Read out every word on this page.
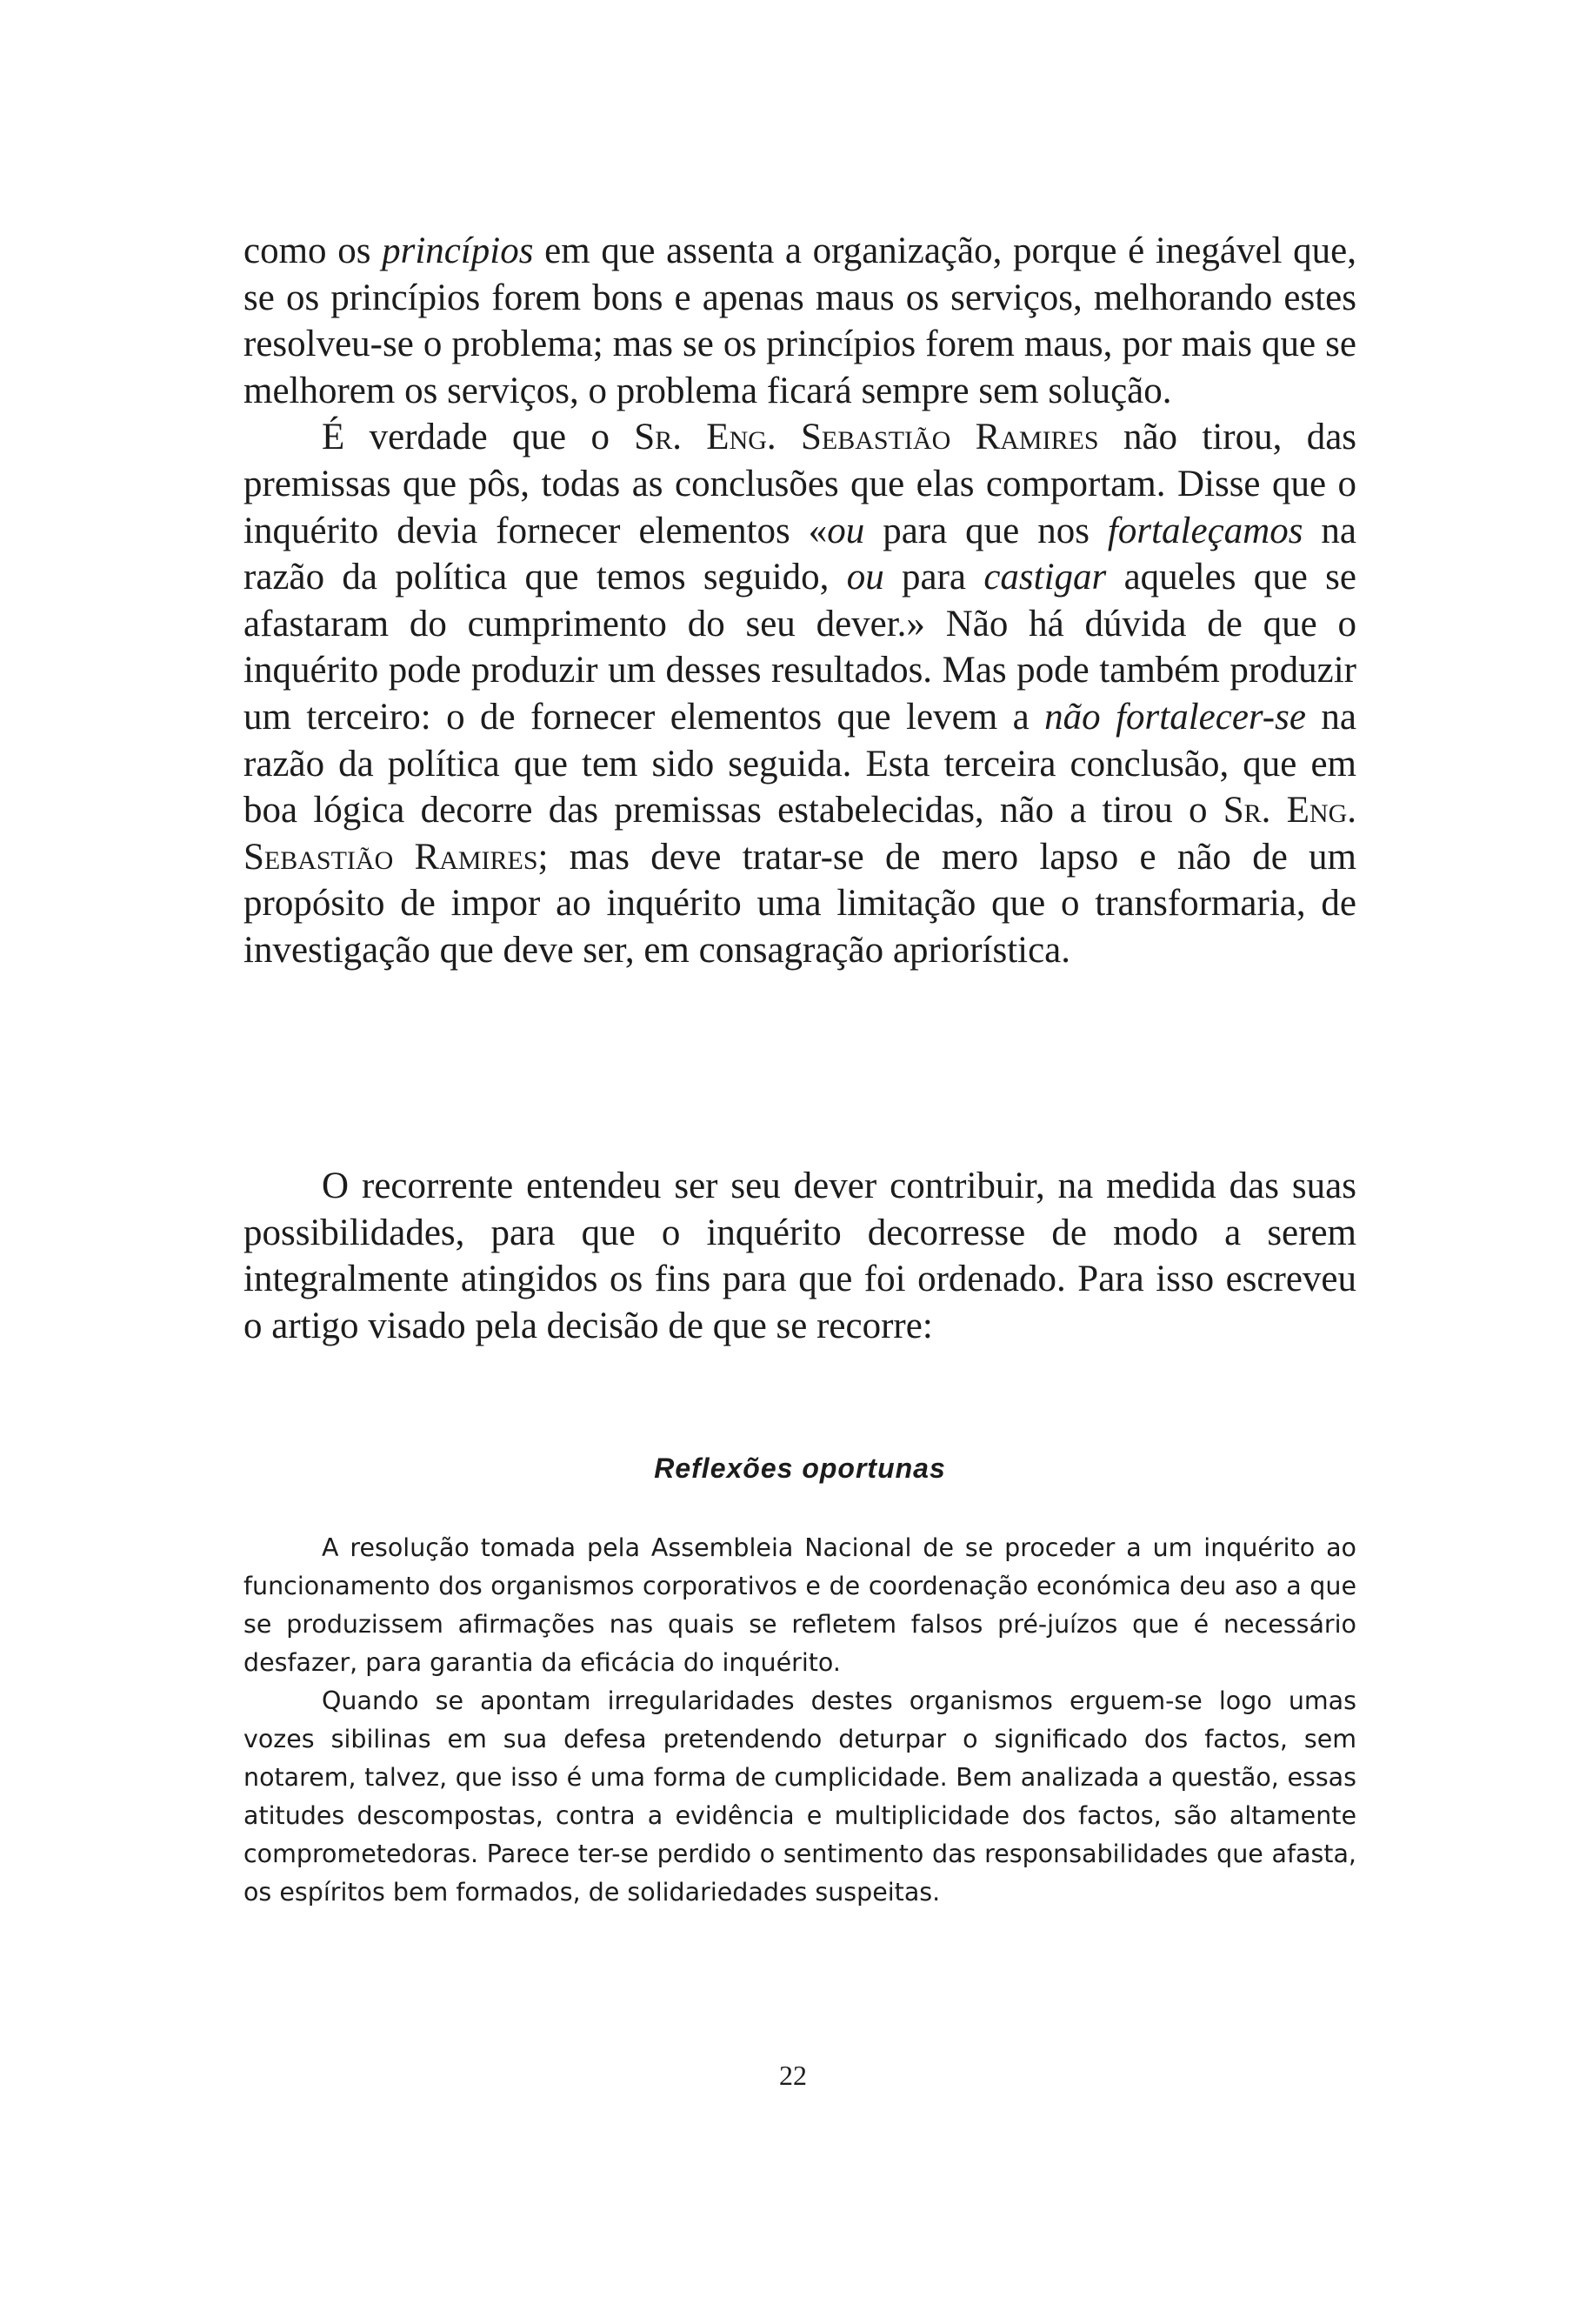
como os princípios em que assenta a organização, porque é inegável que, se os princípios forem bons e apenas maus os serviços, melhorando estes resolveu-se o problema; mas se os princípios forem maus, por mais que se melhorem os serviços, o problema ficará sempre sem solução.

É verdade que o Sr. Eng. Sebastião Ramires não tirou, das premissas que pôs, todas as conclusões que elas comportam. Disse que o inquérito devia fornecer elementos «ou para que nos fortaleçamos na razão da política que temos seguido, ou para castigar aqueles que se afastaram do cumprimento do seu dever.» Não há dúvida de que o inquérito pode produzir um desses resultados. Mas pode também produzir um terceiro: o de fornecer elementos que levem a não fortalecer-se na razão da política que tem sido seguida. Esta terceira conclusão, que em boa lógica decorre das premissas estabelecidas, não a tirou o Sr. Eng. Sebastião Ramires; mas deve tratar-se de mero lapso e não de um propósito de impor ao inquérito uma limitação que o transformaria, de investigação que deve ser, em consagração apriorística.

O recorrente entendeu ser seu dever contribuir, na medida das suas possibilidades, para que o inquérito decorresse de modo a serem integralmente atingidos os fins para que foi ordenado. Para isso escreveu o artigo visado pela decisão de que se recorre:

Reflexões oportunas

A resolução tomada pela Assembleia Nacional de se proceder a um inquérito ao funcionamento dos organismos corporativos e de coordenação económica deu aso a que se produzissem afirmações nas quais se refletem falsos pré-juízos que é necessário desfazer, para garantia da eficácia do inquérito.

Quando se apontam irregularidades destes organismos erguem-se logo umas vozes sibilinas em sua defesa pretendendo deturpar o significado dos factos, sem notarem, talvez, que isso é uma forma de cumplicidade. Bem analizada a questão, essas atitudes descompostas, contra a evidência e multiplicidade dos factos, são altamente comprometedoras. Parece ter-se perdido o sentimento das responsabilidades que afasta, os espíritos bem formados, de solidariedades suspeitas.

22
